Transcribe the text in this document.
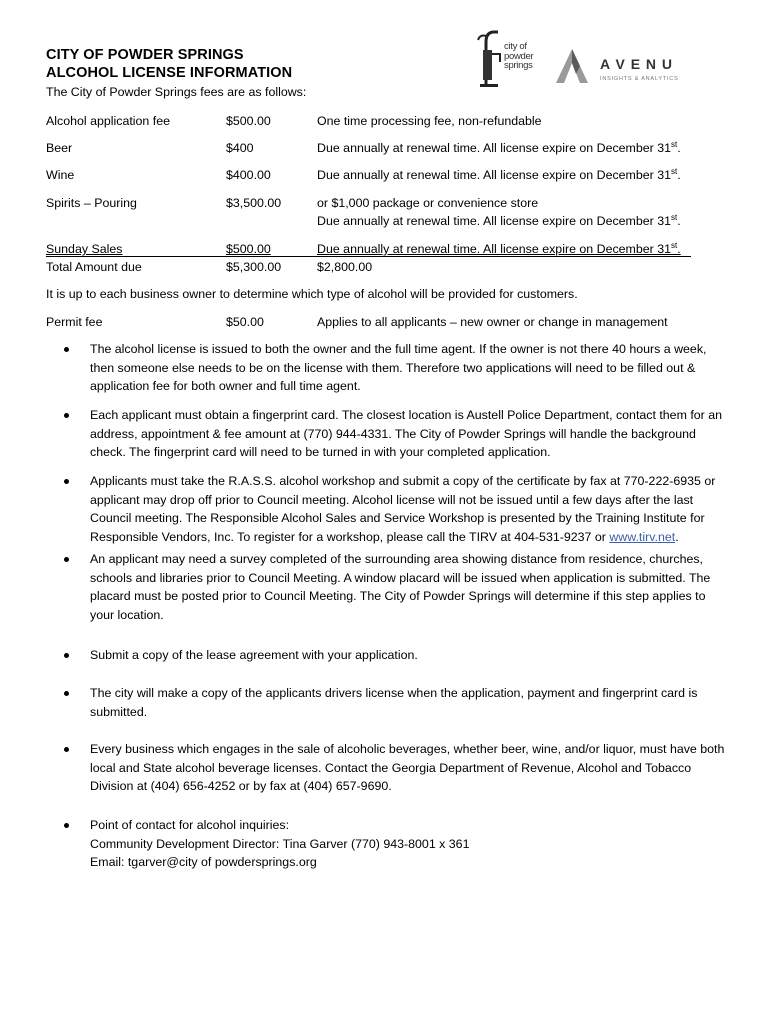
CITY OF POWDER SPRINGS
ALCOHOL LICENSE INFORMATION
The City of Powder Springs fees are as follows:
city of
powder
springs	A V E N U
INSIGHTS & ANALYTICS
Alcohol application fee	$500.00	One time processing fee, non-refundable
Beer	$400	Due annually at renewal time. All license expire on December 31st.
Wine	$400.00	Due annually at renewal time. All license expire on December 31st.
Spirits – Pouring	$3,500.00	or $1,000 package or convenience store
Due annually at renewal time. All license expire on December 31st.
Sunday Sales	$500.00	Due annually at renewal time. All license expire on December 31st.
Total Amount due	$5,300.00	$2,800.00
It is up to each business owner to determine which type of alcohol will be provided for customers.
Permit fee	$50.00	Applies to all applicants – new owner or change in management
The alcohol license is issued to both the owner and the full time agent. If the owner is not there 40 hours a week, then someone else needs to be on the license with them. Therefore two applications will need to be filled out & application fee for both owner and full time agent.
Each applicant must obtain a fingerprint card. The closest location is Austell Police Department, contact them for an address, appointment & fee amount at (770) 944-4331. The City of Powder Springs will handle the background check. The fingerprint card will need to be turned in with your completed application.
Applicants must take the R.A.S.S. alcohol workshop and submit a copy of the certificate by fax at 770-222-6935 or applicant may drop off prior to Council meeting. Alcohol license will not be issued until a few days after the last Council meeting. The Responsible Alcohol Sales and Service Workshop is presented by the Training Institute for Responsible Vendors, Inc. To register for a workshop, please call the TIRV at 404-531-9237 or www.tirv.net.
An applicant may need a survey completed of the surrounding area showing distance from residence, churches, schools and libraries prior to Council Meeting. A window placard will be issued when application is submitted. The placard must be posted prior to Council Meeting. The City of Powder Springs will determine if this step applies to your location.
Submit a copy of the lease agreement with your application.
The city will make a copy of the applicants drivers license when the application, payment and fingerprint card is submitted.
Every business which engages in the sale of alcoholic beverages, whether beer, wine, and/or liquor, must have both local and State alcohol beverage licenses. Contact the Georgia Department of Revenue, Alcohol and Tobacco Division at (404) 656-4252 or by fax at (404) 657-9690.
Point of contact for alcohol inquiries:
Community Development Director: Tina Garver (770) 943-8001 x 361
Email: tgarver@city of powdersprings.org
